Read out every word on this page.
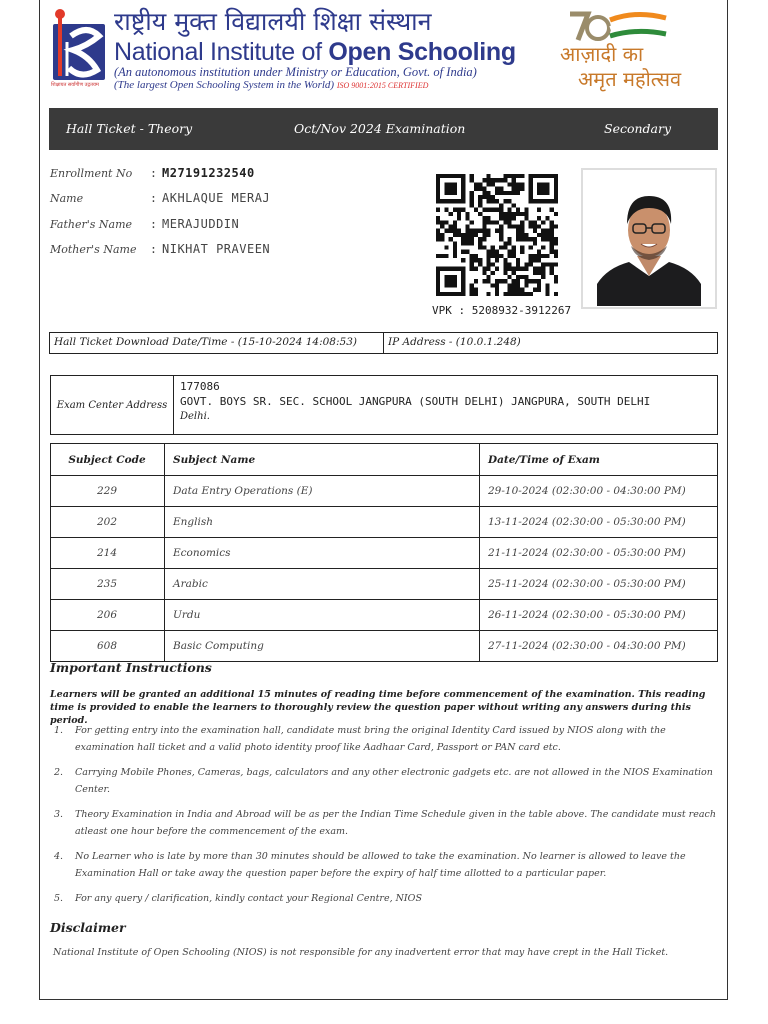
शिक्षायत सर्वांगीण उद्गतयम
राष्ट्रीय मुक्त विद्यालयी शिक्षा संस्थान
National Institute of Open Schooling
(An autonomous institution under Ministry or Education, Govt. of India)
(The largest Open Schooling System in the World) ISO 9001:2015 CERTIFIED
आज़ादी का
अमृत महोत्सव
Hall Ticket - Theory	Oct/Nov 2024 Examination	Secondary
Enrollment No : M27191232540
Name	: AKHLAQUE MERAJ
Father's Name : MERAJUDDIN
Mother's Name : NIKHAT PRAVEEN
VPK : 5208932-3912267
Hall Ticket Download Date/Time - (15-10-2024 14:08:53)	IP Address - (10.0.1.248)
Exam Center Address	
177086
GOVT. BOYS SR. SEC. SCHOOL JANGPURA (SOUTH DELHI) JANGPURA, SOUTH DELHI
Delhi.
Subject Code	Subject Name	Date/Time of Exam
229	Data Entry Operations (E)	29-10-2024 (02:30:00 - 04:30:00 PM)
202	English	13-11-2024 (02:30:00 - 05:30:00 PM)
214	Economics	21-11-2024 (02:30:00 - 05:30:00 PM)
235	Arabic	25-11-2024 (02:30:00 - 05:30:00 PM)
206	Urdu	26-11-2024 (02:30:00 - 05:30:00 PM)
608	Basic Computing	27-11-2024 (02:30:00 - 04:30:00 PM)
Important Instructions
Learners will be granted an additional 15 minutes of reading time before commencement of the examination. This reading time is provided to enable the learners to thoroughly review the question paper without writing any answers during this period.
1. For getting entry into the examination hall, candidate must bring the original Identity Card issued by NIOS along with the examination hall ticket and a valid photo identity proof like Aadhaar Card, Passport or PAN card etc.
2. Carrying Mobile Phones, Cameras, bags, calculators and any other electronic gadgets etc. are not allowed in the NIOS Examination Center.
3. Theory Examination in India and Abroad will be as per the Indian Time Schedule given in the table above. The candidate must reach atleast one hour before the commencement of the exam.
4. No Learner who is late by more than 30 minutes should be allowed to take the examination. No learner is allowed to leave the Examination Hall or take away the question paper before the expiry of half time allotted to a particular paper.
5. For any query / clarification, kindly contact your Regional Centre, NIOS
Disclaimer
National Institute of Open Schooling (NIOS) is not responsible for any inadvertent error that may have crept in the Hall Ticket.
